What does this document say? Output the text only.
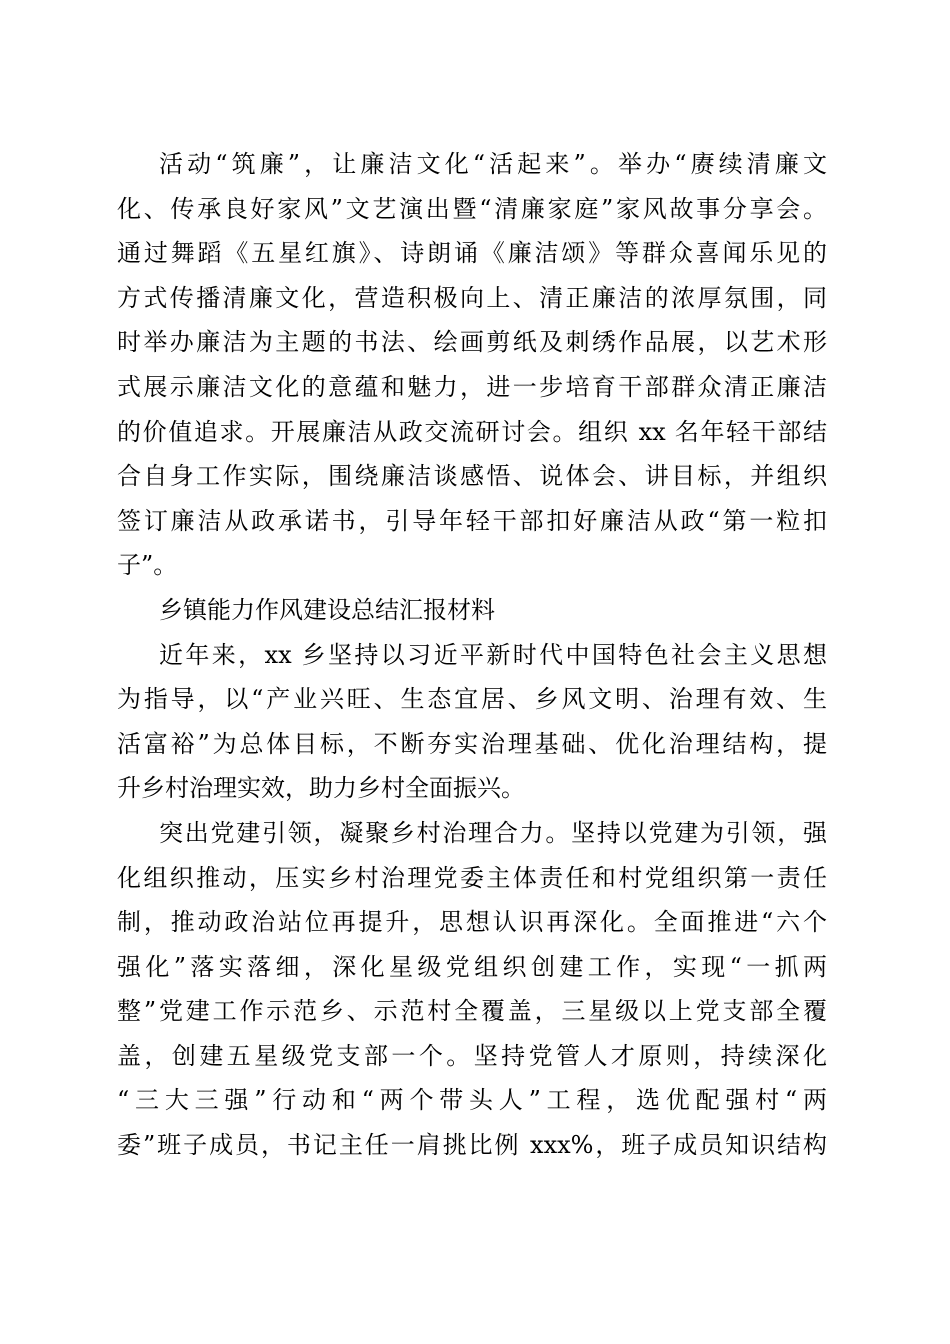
活动“筑廉”，让廉洁文化“活起来”。举办“赓续清廉文
化、传承良好家风”文艺演出暨“清廉家庭”家风故事分享会。
通过舞蹈《五星红旗》、诗朗诵《廉洁颂》等群众喜闻乐见的
方式传播清廉文化，营造积极向上、清正廉洁的浓厚氛围，同
时举办廉洁为主题的书法、绘画剪纸及刺绣作品展，以艺术形
式展示廉洁文化的意蕴和魅力，进一步培育干部群众清正廉洁
的价值追求。开展廉洁从政交流研讨会。组织 xx 名年轻干部结
合自身工作实际，围绕廉洁谈感悟、说体会、讲目标，并组织
签订廉洁从政承诺书，引导年轻干部扣好廉洁从政“第一粒扣
子”。
乡镇能力作风建设总结汇报材料
近年来，xx 乡坚持以习近平新时代中国特色社会主义思想
为指导，以“产业兴旺、生态宜居、乡风文明、治理有效、生
活富裕”为总体目标，不断夯实治理基础、优化治理结构，提
升乡村治理实效，助力乡村全面振兴。
突出党建引领，凝聚乡村治理合力。坚持以党建为引领，强
化组织推动，压实乡村治理党委主体责任和村党组织第一责任
制，推动政治站位再提升，思想认识再深化。全面推进“六个
强化”落实落细，深化星级党组织创建工作，实现“一抓两
整”党建工作示范乡、示范村全覆盖，三星级以上党支部全覆
盖，创建五星级党支部一个。坚持党管人才原则，持续深化
“三大三强”行动和“两个带头人”工程，选优配强村“两
委”班子成员，书记主任一肩挑比例 xxx%，班子成员知识结构
